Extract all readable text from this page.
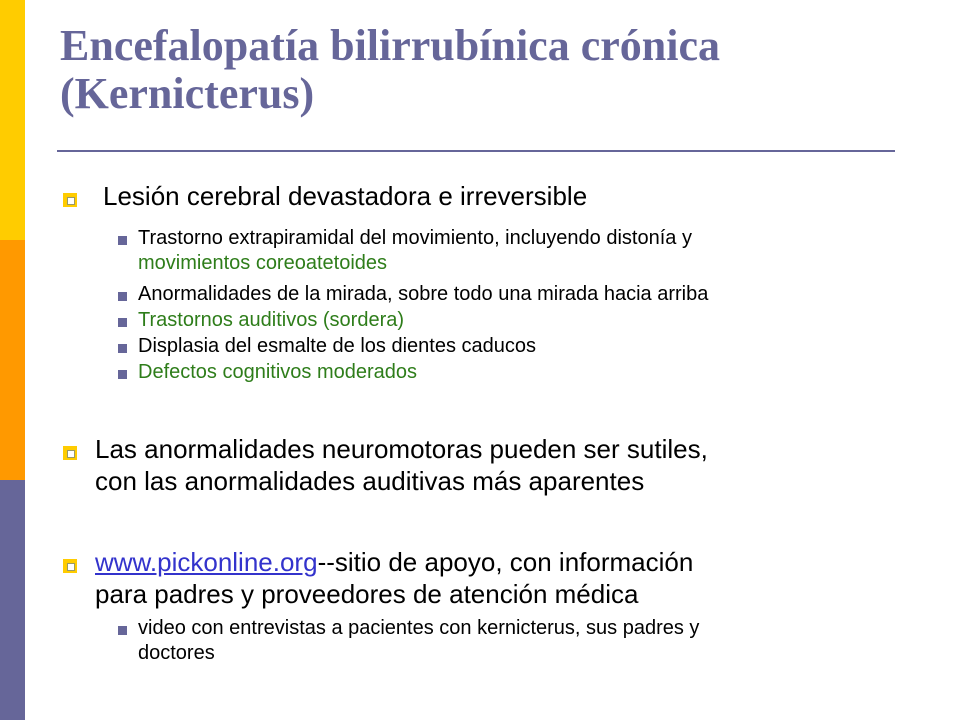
Encefalopatía bilirrubínica crónica
(Kernicterus)
Lesión cerebral devastadora e irreversible
Trastorno extrapiramidal del movimiento, incluyendo distonía y
movimientos coreoatetoides
Anormalidades de la mirada, sobre todo una mirada hacia arriba
Trastornos auditivos (sordera)
Displasia del esmalte de los dientes caducos
Defectos cognitivos moderados
Las anormalidades neuromotoras pueden ser sutiles,
con las anormalidades auditivas más aparentes
www.pickonline.org--sitio de apoyo, con información
para padres y proveedores de atención médica
video con entrevistas a pacientes con kernicterus, sus padres y
doctores
